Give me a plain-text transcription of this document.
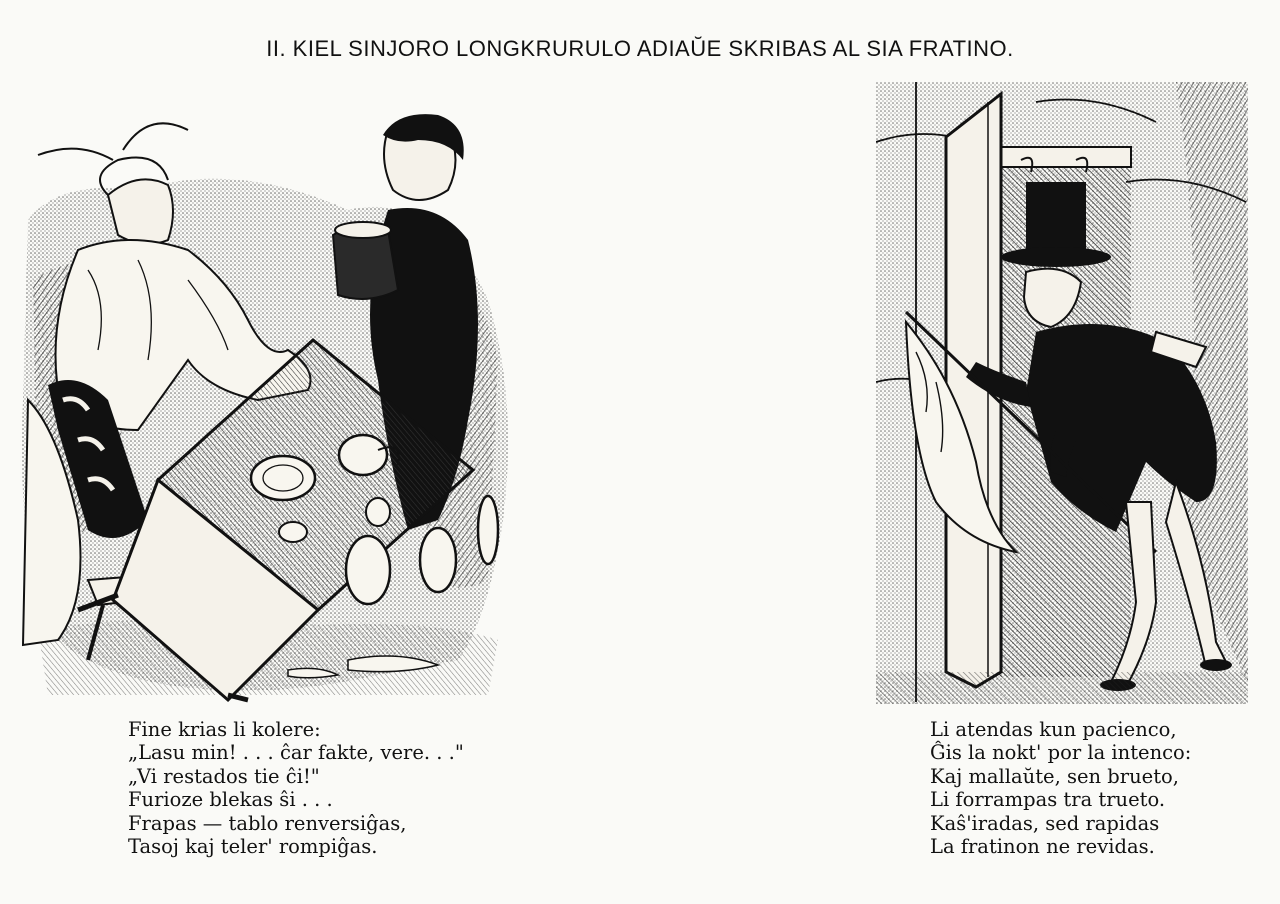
II. KIEL SINJORO LONGKRURULO ADIAŬE SKRIBAS AL SIA FRATINO.
Fine krias li kolere:
„Lasu min! . . . ĉar fakte, vere. . ."
„Vi restados tie ĉi!"
Furioze blekas ŝi . . .
Frapas — tablo renversiĝas,
Tasoj kaj teler' rompiĝas.
Li atendas kun pacienco,
Ĝis la nokt' por la intenco:
Kaj mallaŭte, sen brueto,
Li forrampas tra trueto.
Kaŝ'iradas, sed rapidas
La fratinon ne revidas.
